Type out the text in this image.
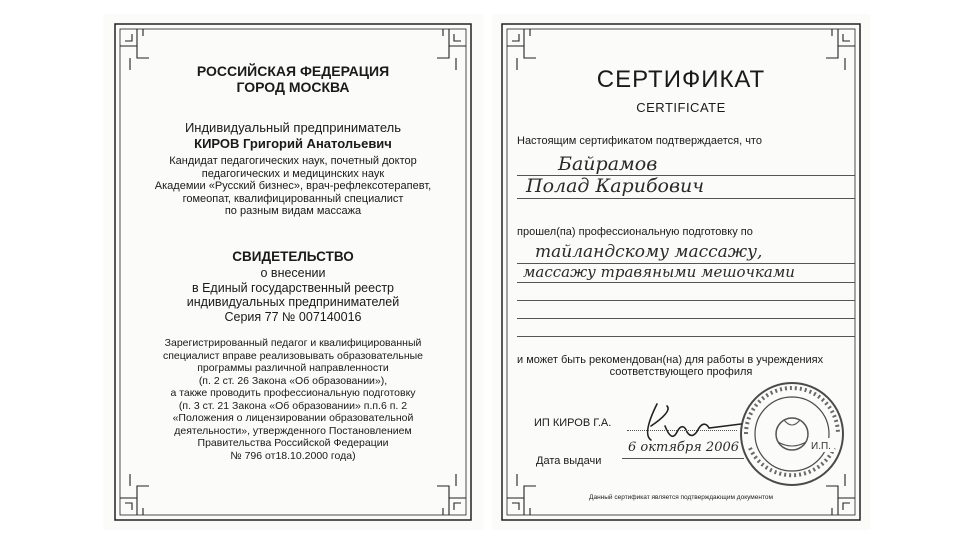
РОССИЙСКАЯ ФЕДЕРАЦИЯ
ГОРОД МОСКВА
Индивидуальный предприниматель
КИРОВ Григорий Анатольевич
Кандидат педагогических наук, почетный доктор
педагогических и медицинских наук
Академии «Русский бизнес», врач-рефлексотерапевт,
гомеопат, квалифицированный специалист
по разным видам массажа
СВИДЕТЕЛЬСТВО
о внесении
в Единый государственный реестр
индивидуальных предпринимателей
Серия 77 № 007140016
Зарегистрированный педагог и квалифицированный
специалист вправе реализовывать образовательные
программы различной направленности
(п. 2 ст. 26 Закона «Об образовании»),
а также проводить профессиональную подготовку
(п. 3 ст. 21 Закона «Об образовании» п.п.6 п. 2
«Положения о лицензировании образовательной
деятельности», утвержденного Постановлением
Правительства Российской Федерации
№ 796 от18.10.2000 года)
СЕРТИФИКАТ
CERTIFICATE
Настоящим сертификатом подтверждается, что
Байрамов
Полад Карибович
прошел(па) профессиональную подготовку по
тайландскому массажу,
массажу травяными мешочками
и может быть рекомендован(на) для работы в учреждениях
соответствующего профиля
И.П.
ИП КИРОВ Г.А.
Дата выдачи
6 октября 2006
Данный сертификат является подтверждающим документом
